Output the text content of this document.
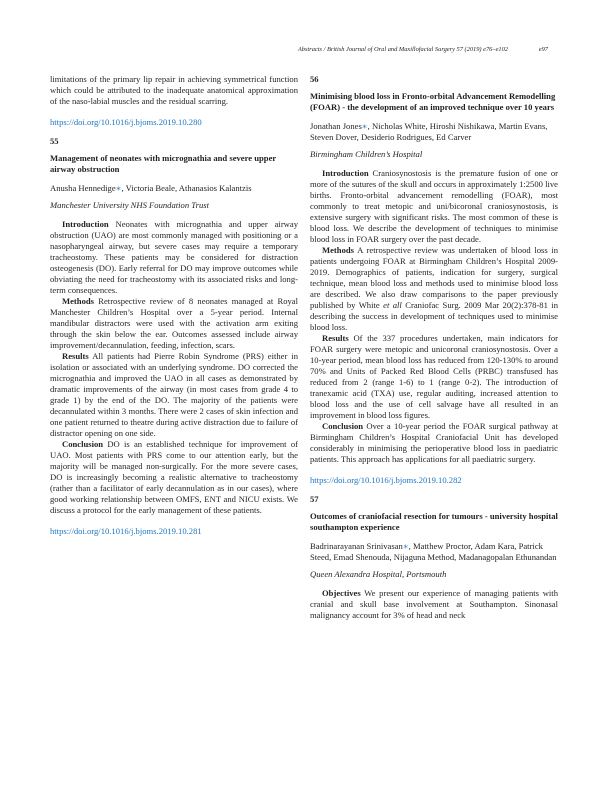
Abstracts / British Journal of Oral and Maxillofacial Surgery 57 (2019) e76–e102	e97

limitations of the primary lip repair in achieving symmetrical function which could be attributed to the inadequate anatomical approximation of the naso-labial muscles and the residual scarring.

https://doi.org/10.1016/j.bjoms.2019.10.280

55

Management of neonates with micrognathia and severe upper airway obstruction

Anusha Hennedige∗, Victoria Beale, Athanasios Kalantzis

Manchester University NHS Foundation Trust

Introduction Neonates with micrognathia and upper airway obstruction (UAO) are most commonly managed with positioning or a nasopharyngeal airway, but severe cases may require a temporary tracheostomy. These patients may be considered for distraction osteogenesis (DO). Early referral for DO may improve outcomes while obviating the need for tracheostomy with its associated risks and long-term consequences.

Methods Retrospective review of 8 neonates managed at Royal Manchester Children’s Hospital over a 5-year period. Internal mandibular distractors were used with the activation arm exiting through the skin below the ear. Outcomes assessed include airway improvement/decannulation, feeding, infection, scars.

Results All patients had Pierre Robin Syndrome (PRS) either in isolation or associated with an underlying syndrome. DO corrected the micrognathia and improved the UAO in all cases as demonstrated by dramatic improvements of the airway (in most cases from grade 4 to grade 1) by the end of the DO. The majority of the patients were decannulated within 3 months. There were 2 cases of skin infection and one patient returned to theatre during active distraction due to failure of distractor opening on one side.

Conclusion DO is an established technique for improvement of UAO. Most patients with PRS come to our attention early, but the majority will be managed non-surgically. For the more severe cases, DO is increasingly becoming a realistic alternative to tracheostomy (rather than a facilitator of early decannulation as in our cases), where good working relationship between OMFS, ENT and NICU exists. We discuss a protocol for the early management of these patients.

https://doi.org/10.1016/j.bjoms.2019.10.281

56

Minimising blood loss in Fronto-orbital Advancement Remodelling (FOAR) - the development of an improved technique over 10 years

Jonathan Jones∗, Nicholas White, Hiroshi Nishikawa, Martin Evans, Steven Dover, Desiderio Rodrigues, Ed Carver

Birmingham Children’s Hospital

Introduction Craniosynostosis is the premature fusion of one or more of the sutures of the skull and occurs in approximately 1:2500 live births. Fronto-orbital advancement remodelling (FOAR), most commonly to treat metopic and uni/bicoronal craniosynostosis, is extensive surgery with significant risks. The most common of these is blood loss. We describe the development of techniques to minimise blood loss in FOAR surgery over the past decade.

Methods A retrospective review was undertaken of blood loss in patients undergoing FOAR at Birmingham Children’s Hospital 2009-2019. Demographics of patients, indication for surgery, surgical technique, mean blood loss and methods used to minimise blood loss are described. We also draw comparisons to the paper previously published by White et all Craniofac Surg. 2009 Mar 20(2):378-81 in describing the success in development of techniques used to minimise blood loss.

Results Of the 337 procedures undertaken, main indicators for FOAR surgery were metopic and unicoronal craniosynostosis. Over a 10-year period, mean blood loss has reduced from 120-130% to around 70% and Units of Packed Red Blood Cells (PRBC) transfused has reduced from 2 (range 1-6) to 1 (range 0-2). The introduction of tranexamic acid (TXA) use, regular auditing, increased attention to blood loss and the use of cell salvage have all resulted in an improvement in blood loss figures.

Conclusion Over a 10-year period the FOAR surgical pathway at Birmingham Children’s Hospital Craniofacial Unit has developed considerably in minimising the perioperative blood loss in paediatric patients. This approach has applications for all paediatric surgery.

https://doi.org/10.1016/j.bjoms.2019.10.282

57

Outcomes of craniofacial resection for tumours - university hospital southampton experience

Badrinarayanan Srinivasan∗, Matthew Proctor, Adam Kara, Patrick Steed, Emad Shenouda, Nijaguna Method, Madanagopalan Ethunandan

Queen Alexandra Hospital, Portsmouth

Objectives We present our experience of managing patients with cranial and skull base involvement at Southampton. Sinonasal malignancy account for 3% of head and neck
